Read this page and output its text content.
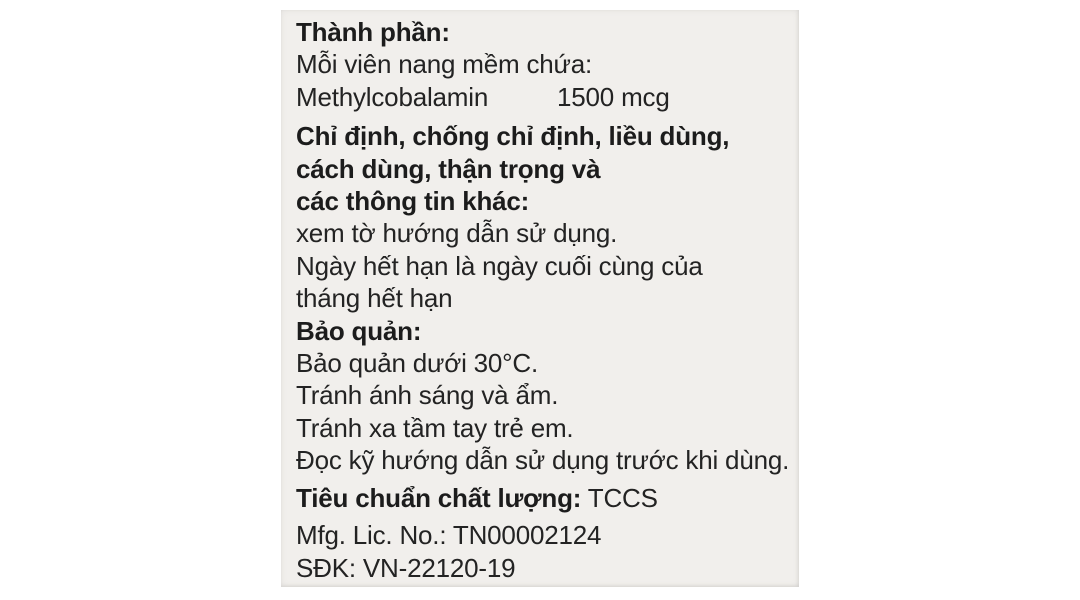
Thành phần:
Mỗi viên nang mềm chứa:
Methylcobalamin	1500 mcg
Chỉ định, chống chỉ định, liều dùng,
cách dùng, thận trọng và
các thông tin khác:
xem tờ hướng dẫn sử dụng.
Ngày hết hạn là ngày cuối cùng của
tháng hết hạn
Bảo quản:
Bảo quản dưới 30°C.
Tránh ánh sáng và ẩm.
Tránh xa tầm tay trẻ em.
Đọc kỹ hướng dẫn sử dụng trước khi dùng.
Tiêu chuẩn chất lượng: TCCS
Mfg. Lic. No.: TN00002124
SĐK: VN-22120-19
